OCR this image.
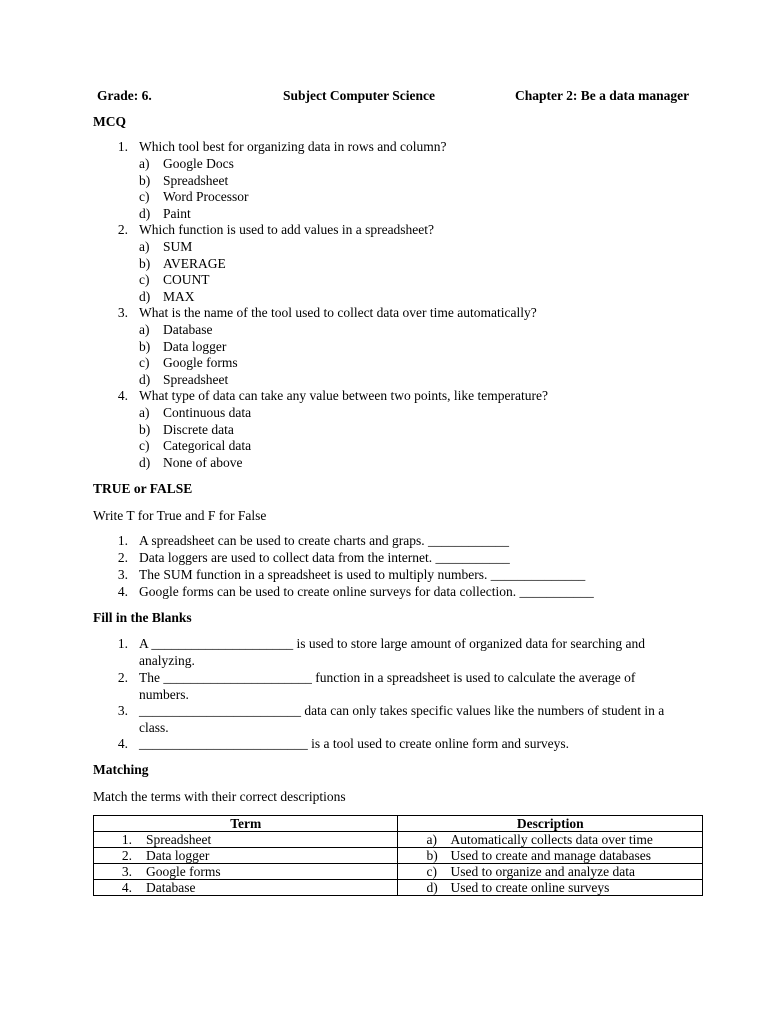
Grade: 6.	Subject Computer Science	Chapter 2: Be a data manager
MCQ
1. Which tool best for organizing data in rows and column?
a) Google Docs
b) Spreadsheet
c) Word Processor
d) Paint
2. Which function is used to add values in a spreadsheet?
a) SUM
b) AVERAGE
c) COUNT
d) MAX
3. What is the name of the tool used to collect data over time automatically?
a) Database
b) Data logger
c) Google forms
d) Spreadsheet
4. What type of data can take any value between two points, like temperature?
a) Continuous data
b) Discrete data
c) Categorical data
d) None of above
TRUE or FALSE
Write T for True and F for False
1. A spreadsheet can be used to create charts and graps. ____________
2. Data loggers are used to collect data from the internet. ___________
3. The SUM function in a spreadsheet is used to multiply numbers. ______________
4. Google forms can be used to create online surveys for data collection. ___________
Fill in the Blanks
1. A _____________________ is used to store large amount of organized data for searching and
analyzing.
2. The ______________________ function in a spreadsheet is used to calculate the average of
numbers.
3. ________________________ data can only takes specific values like the numbers of student in a
class.
4. _________________________ is a tool used to create online form and surveys.
Matching
Match the terms with their correct descriptions
Term	Description

1. Spreadsheet	a) Automatically collects data over time

2. Data logger	b) Used to create and manage databases

3. Google forms	c) Used to organize and analyze data

4. Database	d) Used to create online surveys
